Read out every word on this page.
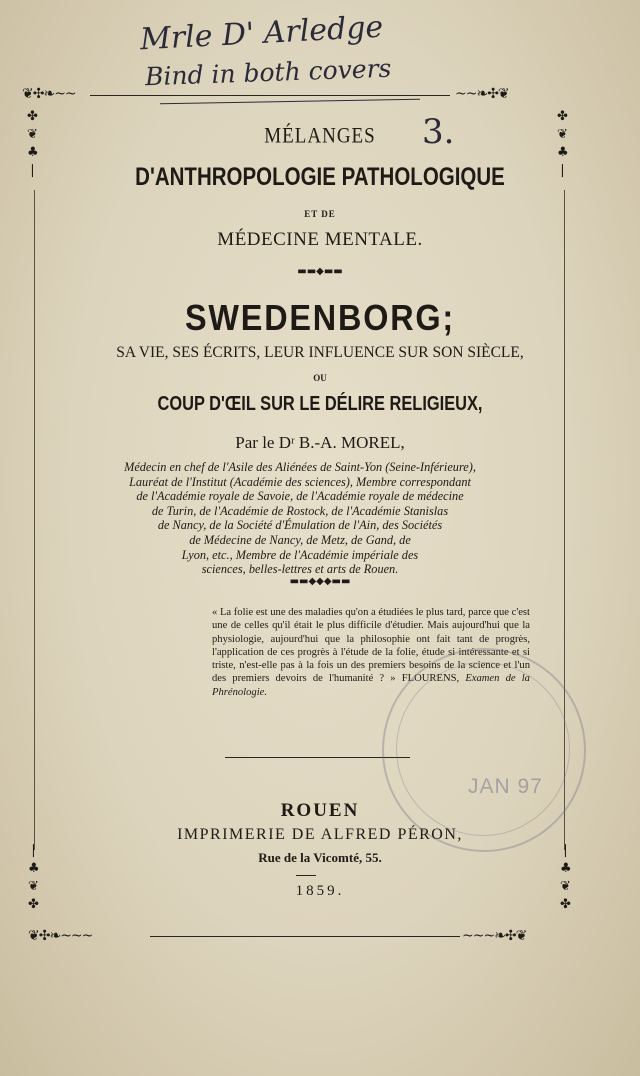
Mrle D' Arledge
Bind in both covers
3.
❦✣❧~~	~~❧✣❦
✤
❦
♣
❘
✤
❦
♣
❘
❘
♣
❦
✤
❘
♣
❦
✤
❦✣❧~~~	~~~❧✣❦
MÉLANGES
D'ANTHROPOLOGIE PATHOLOGIQUE
ET DE
MÉDECINE MENTALE.
▬▬◆▬▬
SWEDENBORG;
SA VIE, SES ÉCRITS, LEUR INFLUENCE SUR SON SIÈCLE,
OU
COUP D'ŒIL SUR LE DÉLIRE RELIGIEUX,
Par le Dʳ B.-A. MOREL,
Médecin en chef de l'Asile des Aliénées de Saint-Yon (Seine-Inférieure),
Lauréat de l'Institut (Académie des sciences), Membre correspondant
de l'Académie royale de Savoie, de l'Académie royale de médecine
de Turin, de l'Académie de Rostock, de l'Académie Stanislas
de Nancy, de la Société d'Émulation de l'Ain, des Sociétés
de Médecine de Nancy, de Metz, de Gand, de
Lyon, etc., Membre de l'Académie impériale des
sciences, belles-lettres et arts de Rouen.
▬▬◆◆◆▬▬
« La folie est une des maladies qu'on a étudiées le plus tard, parce que c'est une de celles qu'il était le plus difficile d'étudier. Mais aujourd'hui que la physiologie, aujourd'hui que la philosophie ont fait tant de progrès, l'application de ces progrès à l'étude de la folie, étude si intéressante et si triste, n'est-elle pas à la fois un des premiers besoins de la science et l'un des premiers devoirs de l'humanité ? » FLOURENS, Examen de la Phrénologie.
JAN 97
ROUEN
IMPRIMERIE DE ALFRED PÉRON,
Rue de la Vicomté, 55.
1859.
